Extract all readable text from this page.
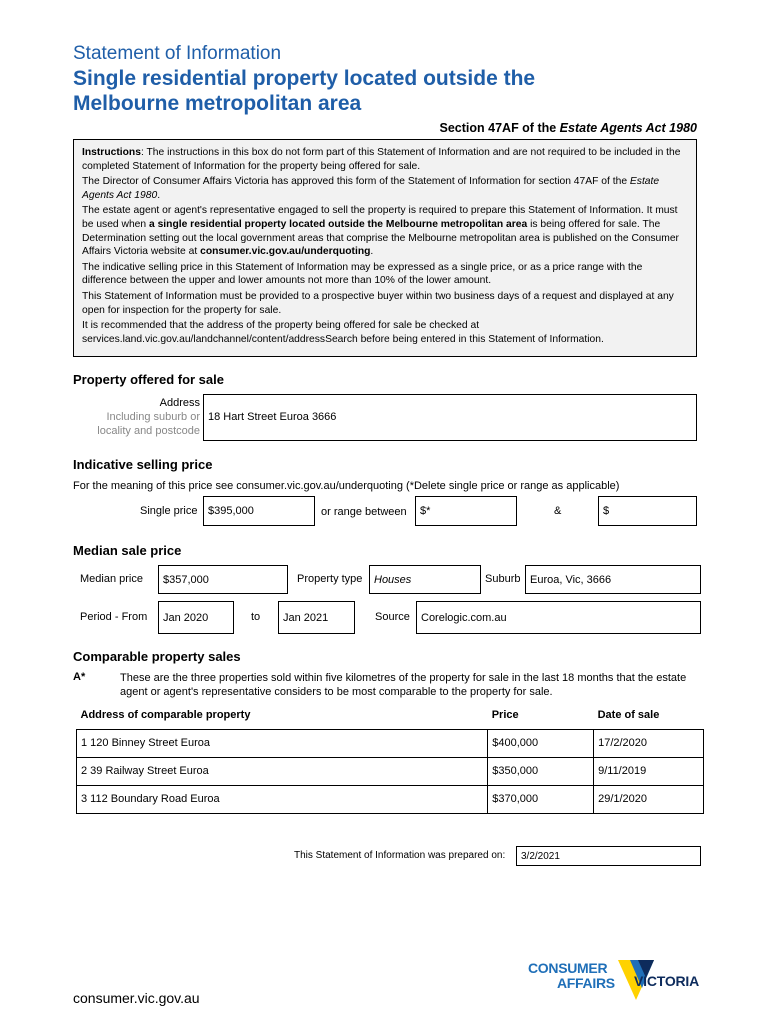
Statement of Information
Single residential property located outside the
Melbourne metropolitan area
Section 47AF of the Estate Agents Act 1980

Instructions: The instructions in this box do not form part of this Statement of Information and are not required to be included in the completed Statement of Information for the property being offered for sale.

The Director of Consumer Affairs Victoria has approved this form of the Statement of Information for section 47AF of the Estate Agents Act 1980.

The estate agent or agent's representative engaged to sell the property is required to prepare this Statement of Information. It must be used when a single residential property located outside the Melbourne metropolitan area is being offered for sale. The Determination setting out the local government areas that comprise the Melbourne metropolitan area is published on the Consumer Affairs Victoria website at consumer.vic.gov.au/underquoting.

The indicative selling price in this Statement of Information may be expressed as a single price, or as a price range with the difference between the upper and lower amounts not more than 10% of the lower amount.

This Statement of Information must be provided to a prospective buyer within two business days of a request and displayed at any open for inspection for the property for sale.

It is recommended that the address of the property being offered for sale be checked at services.land.vic.gov.au/landchannel/content/addressSearch before being entered in this Statement of Information.

Property offered for sale
Address
Including suburb or
locality and postcode
18 Hart Street Euroa 3666
Indicative selling price
For the meaning of this price see consumer.vic.gov.au/underquoting (*Delete single price or range as applicable)
Single price $395,000	or range between $*	&	$
Median sale price
Median price $357,000	Property type Houses	Suburb Euroa, Vic, 3666
Period - From Jan 2020	to Jan 2021	Source Corelogic.com.au
Comparable property sales
A*	These are the three properties sold within five kilometres of the property for sale in the last 18 months that the estate agent or agent's representative considers to be most comparable to the property for sale.
Address of comparable property	Price	Date of sale
1 120 Binney Street Euroa	$400,000	17/2/2020
2 39 Railway Street Euroa	$350,000	9/11/2019
3 112 Boundary Road Euroa	$370,000	29/1/2020
This Statement of Information was prepared on: 3/2/2021
CONSUMER
AFFAIRS VICTORIA
consumer.vic.gov.au
